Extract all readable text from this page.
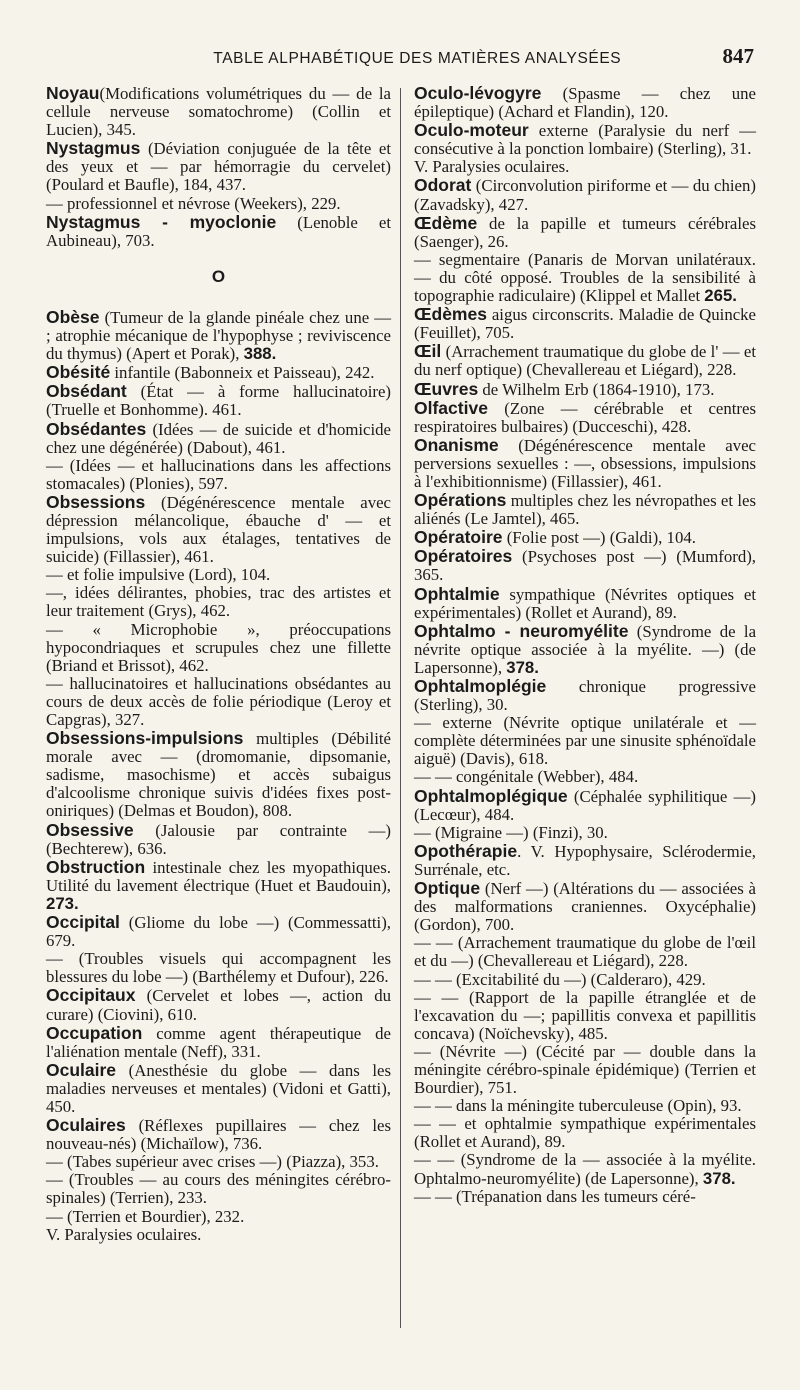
TABLE ALPHABÉTIQUE DES MATIÈRES ANALYSÉES	847
Noyau(Modifications volumétriques du — de la cellule nerveuse somatochrome) (Collin et Lucien), 345.
Nystagmus (Déviation conjuguée de la tête et des yeux et — par hémorragie du cervelet) (Poulard et Baufle), 184, 437.
— professionnel et névrose (Weekers), 229.
Nystagmus - myoclonie (Lenoble et Aubineau), 703.
O
Obèse (Tumeur de la glande pinéale chez une — ; atrophie mécanique de l'hypophyse ; reviviscence du thymus) (Apert et Porak), 388.
Obésité infantile (Babonneix et Paisseau), 242.
Obsédant (État — à forme hallucinatoire) (Truelle et Bonhomme). 461.
Obsédantes (Idées — de suicide et d'homicide chez une dégénérée) (Dabout), 461.
— (Idées — et hallucinations dans les affections stomacales) (Plonies), 597.
Obsessions (Dégénérescence mentale avec dépression mélancolique, ébauche d' — et impulsions, vols aux étalages, tentatives de suicide) (Fillassier), 461.
— et folie impulsive (Lord), 104.
—, idées délirantes, phobies, trac des artistes et leur traitement (Grys), 462.
— « Microphobie », préoccupations hypocondriaques et scrupules chez une fillette (Briand et Brissot), 462.
— hallucinatoires et hallucinations obsédantes au cours de deux accès de folie périodique (Leroy et Capgras), 327.
Obsessions-impulsions multiples (Débilité morale avec — (dromomanie, dipsomanie, sadisme, masochisme) et accès subaigus d'alcoolisme chronique suivis d'idées fixes post-oniriques) (Delmas et Boudon), 808.
Obsessive (Jalousie par contrainte —) (Bechterew), 636.
Obstruction intestinale chez les myopathiques. Utilité du lavement électrique (Huet et Baudouin), 273.
Occipital (Gliome du lobe —) (Commessatti), 679.
— (Troubles visuels qui accompagnent les blessures du lobe —) (Barthélemy et Dufour), 226.
Occipitaux (Cervelet et lobes —, action du curare) (Ciovini), 610.
Occupation comme agent thérapeutique de l'aliénation mentale (Neff), 331.
Oculaire (Anesthésie du globe — dans les maladies nerveuses et mentales) (Vidoni et Gatti), 450.
Oculaires (Réflexes pupillaires — chez les nouveau-nés) (Michaïlow), 736.
— (Tabes supérieur avec crises —) (Piazza), 353.
— (Troubles — au cours des méningites cérébro-spinales) (Terrien), 233.
— (Terrien et Bourdier), 232.
V. Paralysies oculaires.
Oculo-lévogyre (Spasme — chez une épileptique) (Achard et Flandin), 120.
Oculo-moteur externe (Paralysie du nerf — consécutive à la ponction lombaire) (Sterling), 31.
V. Paralysies oculaires.
Odorat (Circonvolution piriforme et — du chien) (Zavadsky), 427.
Œdème de la papille et tumeurs cérébrales (Saenger), 26.
— segmentaire (Panaris de Morvan unilatéraux. — du côté opposé. Troubles de la sensibilité à topographie radiculaire) (Klippel et Mallet 265.
Œdèmes aigus circonscrits. Maladie de Quincke (Feuillet), 705.
Œil (Arrachement traumatique du globe de l' — et du nerf optique) (Chevallereau et Liégard), 228.
Œuvres de Wilhelm Erb (1864-1910), 173.
Olfactive (Zone — cérébrable et centres respiratoires bulbaires) (Ducceschi), 428.
Onanisme (Dégénérescence mentale avec perversions sexuelles : —, obsessions, impulsions à l'exhibitionnisme) (Fillassier), 461.
Opérations multiples chez les névropathes et les aliénés (Le Jamtel), 465.
Opératoire (Folie post —) (Galdi), 104.
Opératoires (Psychoses post —) (Mumford), 365.
Ophtalmie sympathique (Névrites optiques et expérimentales) (Rollet et Aurand), 89.
Ophtalmo - neuromyélite (Syndrome de la névrite optique associée à la myélite. —) (de Lapersonne), 378.
Ophtalmoplégie chronique progressive (Sterling), 30.
— externe (Névrite optique unilatérale et — complète déterminées par une sinusite sphénoïdale aiguë) (Davis), 618.
— — congénitale (Webber), 484.
Ophtalmoplégique (Céphalée syphilitique —) (Lecœur), 484.
— (Migraine —) (Finzi), 30.
Opothérapie. V. Hypophysaire, Sclérodermie, Surrénale, etc.
Optique (Nerf —) (Altérations du — associées à des malformations craniennes. Oxycéphalie) (Gordon), 700.
— — (Arrachement traumatique du globe de l'œil et du —) (Chevallereau et Liégard), 228.
— — (Excitabilité du —) (Calderaro), 429.
— — (Rapport de la papille étranglée et de l'excavation du —; papillitis convexa et papillitis concava) (Noïchevsky), 485.
— (Névrite —) (Cécité par — double dans la méningite cérébro-spinale épidémique) (Terrien et Bourdier), 751.
— — dans la méningite tuberculeuse (Opin), 93.
— — et ophtalmie sympathique expérimentales (Rollet et Aurand), 89.
— — (Syndrome de la — associée à la myélite. Ophtalmo-neuromyélite) (de Lapersonne), 378.
— — (Trépanation dans les tumeurs céré-
